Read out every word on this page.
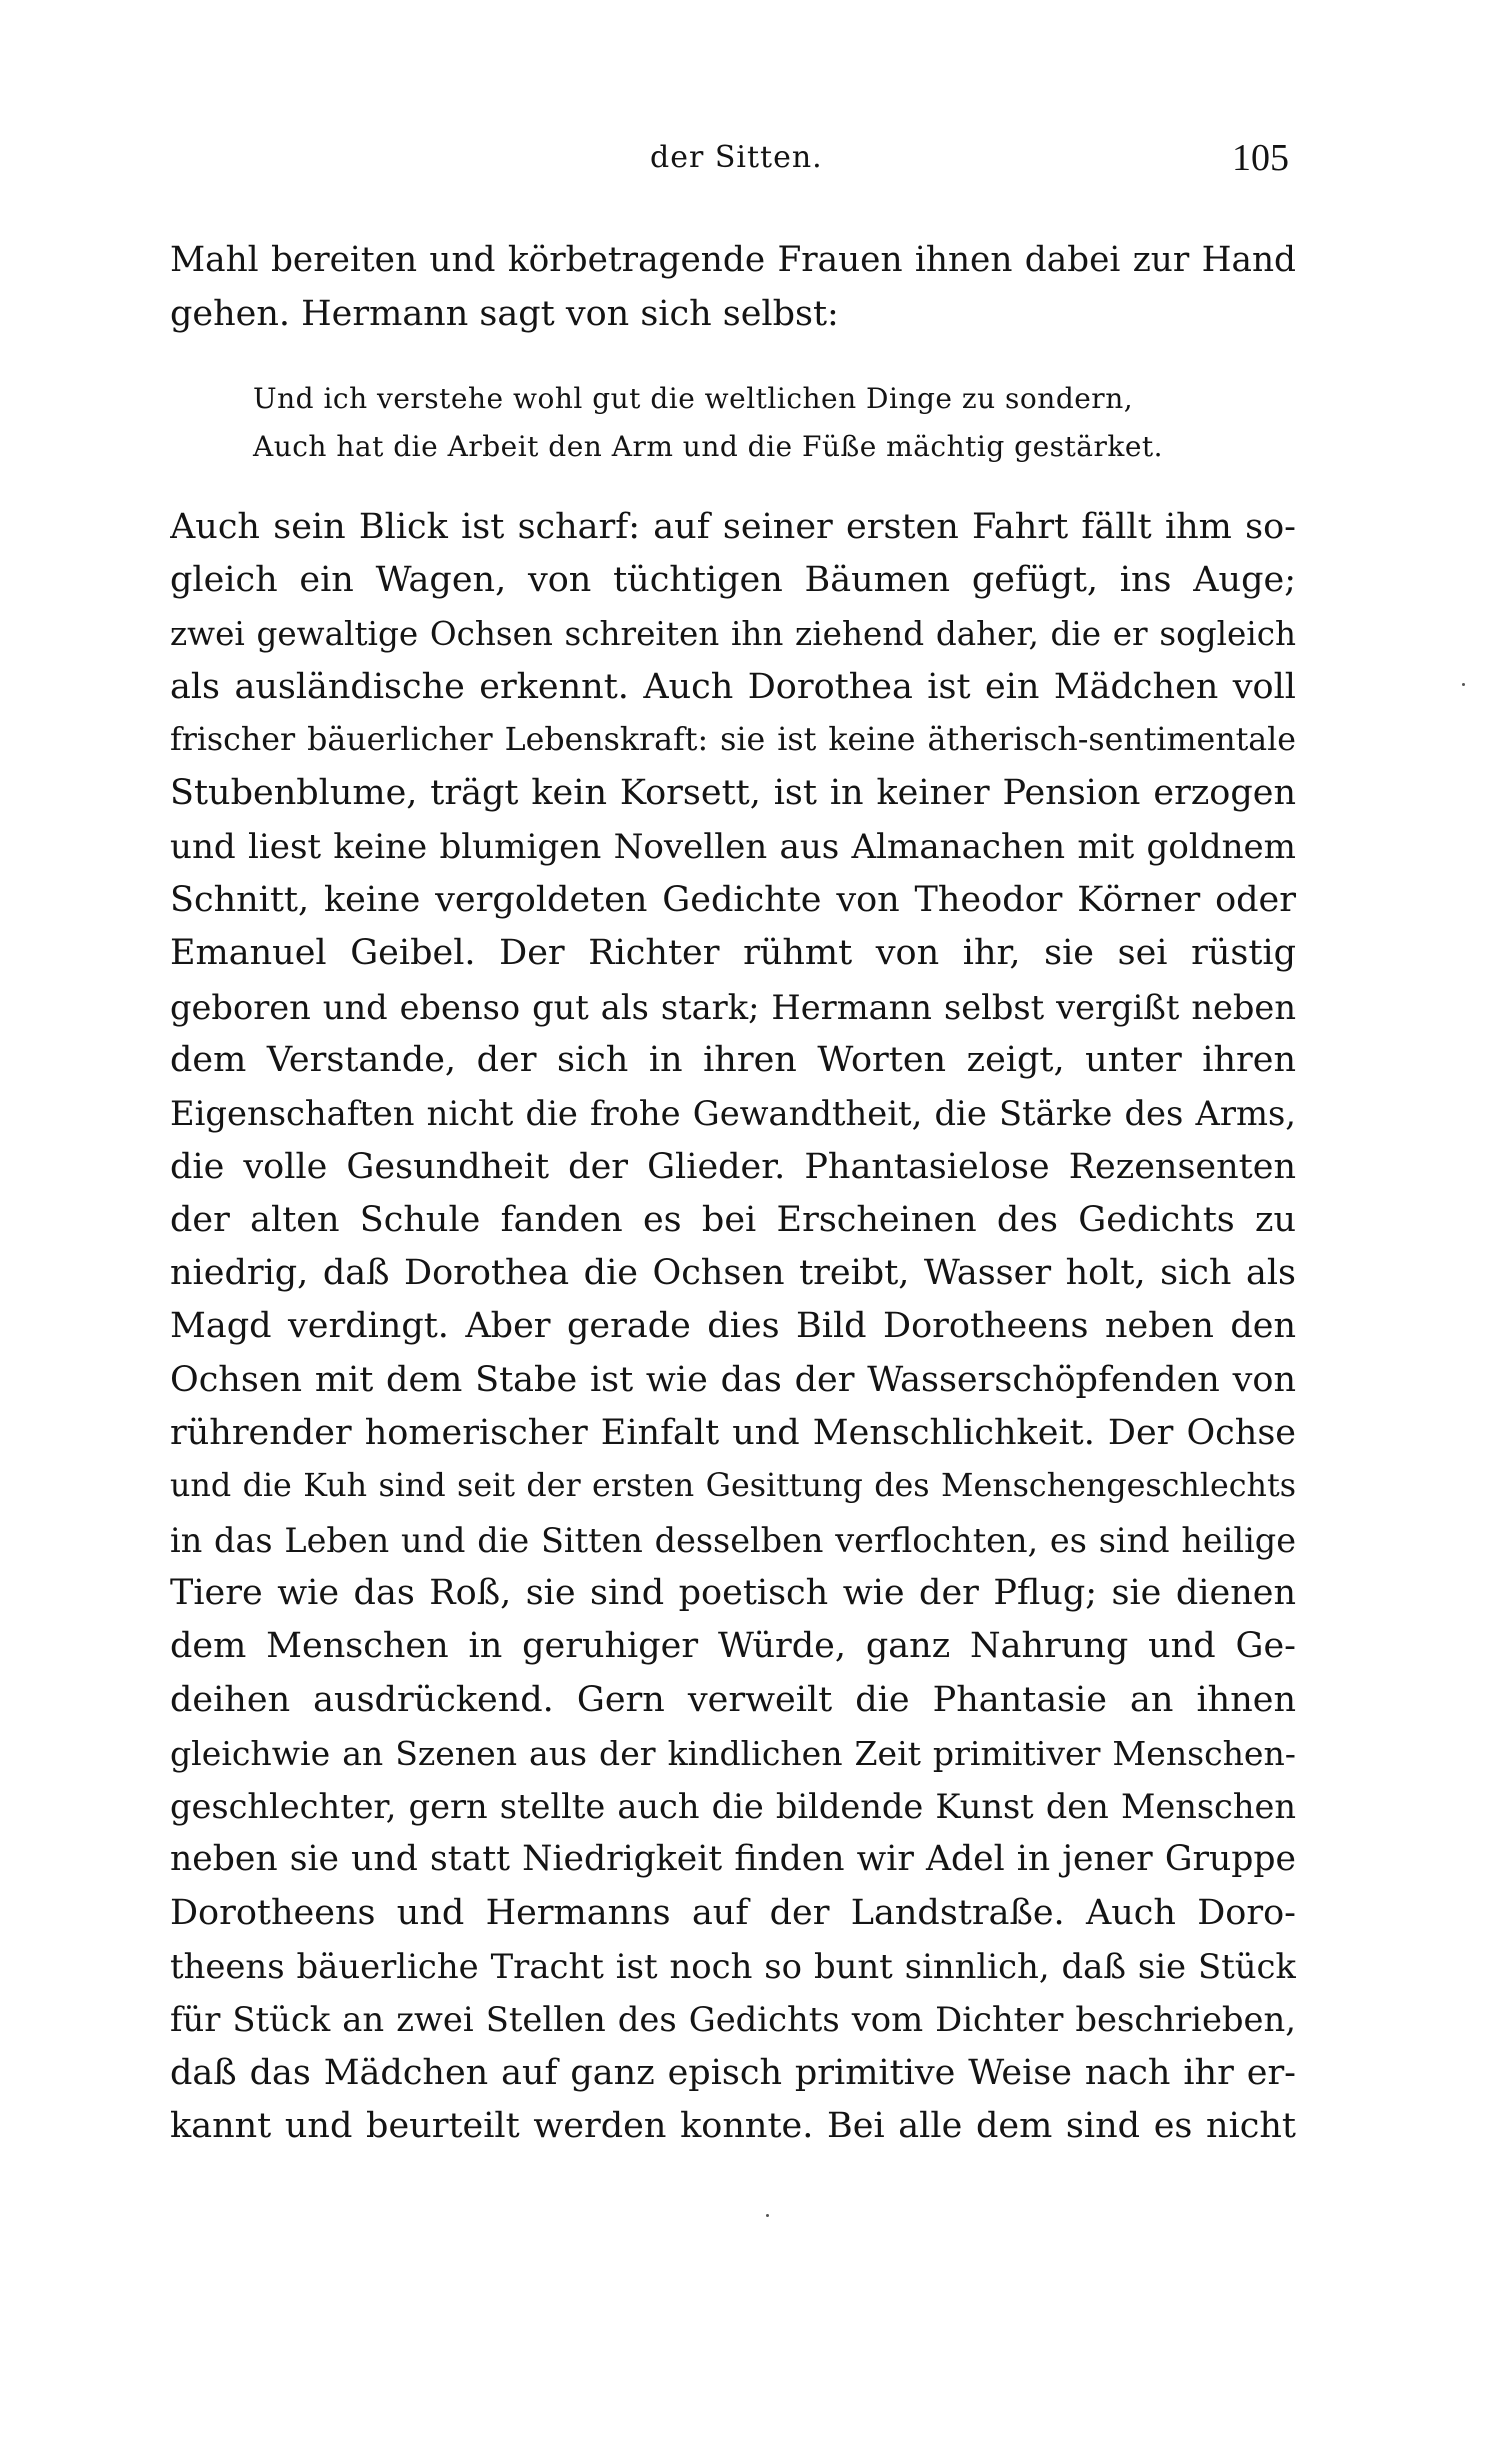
der Sitten.	105
Mahl bereiten und körbetragende Frauen ihnen dabei zur Hand
gehen. Hermann sagt von sich selbst:
Und ich verstehe wohl gut die weltlichen Dinge zu sondern,
Auch hat die Arbeit den Arm und die Füße mächtig gestärket.
Auch sein Blick ist scharf: auf seiner ersten Fahrt fällt ihm so-
gleich ein Wagen, von tüchtigen Bäumen gefügt, ins Auge;
zwei gewaltige Ochsen schreiten ihn ziehend daher, die er sogleich
als ausländische erkennt. Auch Dorothea ist ein Mädchen voll
frischer bäuerlicher Lebenskraft: sie ist keine ätherisch-sentimentale
Stubenblume, trägt kein Korsett, ist in keiner Pension erzogen
und liest keine blumigen Novellen aus Almanachen mit goldnem
Schnitt, keine vergoldeten Gedichte von Theodor Körner oder
Emanuel Geibel. Der Richter rühmt von ihr, sie sei rüstig
geboren und ebenso gut als stark; Hermann selbst vergißt neben
dem Verstande, der sich in ihren Worten zeigt, unter ihren
Eigenschaften nicht die frohe Gewandtheit, die Stärke des Arms,
die volle Gesundheit der Glieder. Phantasielose Rezensenten
der alten Schule fanden es bei Erscheinen des Gedichts zu
niedrig, daß Dorothea die Ochsen treibt, Wasser holt, sich als
Magd verdingt. Aber gerade dies Bild Dorotheens neben den
Ochsen mit dem Stabe ist wie das der Wasserschöpfenden von
rührender homerischer Einfalt und Menschlichkeit. Der Ochse
und die Kuh sind seit der ersten Gesittung des Menschengeschlechts
in das Leben und die Sitten desselben verflochten, es sind heilige
Tiere wie das Roß, sie sind poetisch wie der Pflug; sie dienen
dem Menschen in geruhiger Würde, ganz Nahrung und Ge-
deihen ausdrückend. Gern verweilt die Phantasie an ihnen
gleichwie an Szenen aus der kindlichen Zeit primitiver Menschen-
geschlechter, gern stellte auch die bildende Kunst den Menschen
neben sie und statt Niedrigkeit finden wir Adel in jener Gruppe
Dorotheens und Hermanns auf der Landstraße. Auch Doro-
theens bäuerliche Tracht ist noch so bunt sinnlich, daß sie Stück
für Stück an zwei Stellen des Gedichts vom Dichter beschrieben,
daß das Mädchen auf ganz episch primitive Weise nach ihr er-
kannt und beurteilt werden konnte. Bei alle dem sind es nicht
